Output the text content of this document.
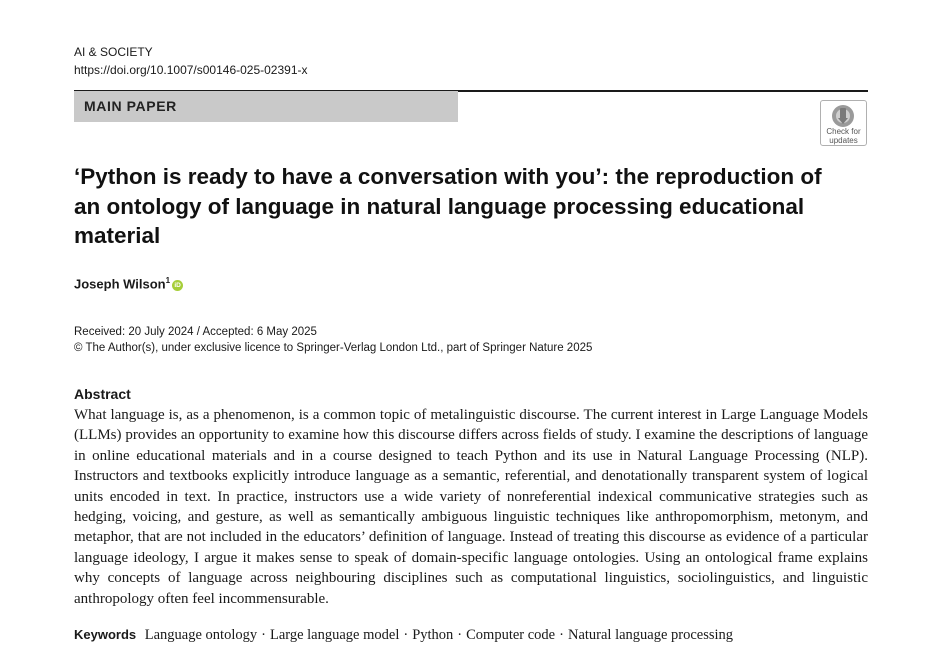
AI & SOCIETY
https://doi.org/10.1007/s00146-025-02391-x
MAIN PAPER
Check for
updates
‘Python is ready to have a conversation with you’: the reproduction of an ontology of language in natural language processing educational material
Joseph Wilson$^1$iD
Received: 20 July 2024 / Accepted: 6 May 2025
© The Author(s), under exclusive licence to Springer-Verlag London Ltd., part of Springer Nature 2025
Abstract

What language is, as a phenomenon, is a common topic of metalinguistic discourse. The current interest in Large Language Models (LLMs) provides an opportunity to examine how this discourse differs across fields of study. I examine the descriptions of language in online educational materials and in a course designed to teach Python and its use in Natural Language Processing (NLP). Instructors and textbooks explicitly introduce language as a semantic, referential, and denotationally transparent system of logical units encoded in text. In practice, instructors use a wide variety of nonreferential indexical communicative strategies such as hedging, voicing, and gesture, as well as semantically ambiguous linguistic techniques like anthropomorphism, metonym, and metaphor, that are not included in the educators’ definition of language. Instead of treating this discourse as evidence of a particular language ideology, I argue it makes sense to speak of domain-specific language ontologies. Using an ontological frame explains why concepts of language across neighbouring disciplines such as computational linguistics, sociolinguistics, and linguistic anthropology often feel incommensurable.

Keywords Language ontology · Large language model · Python · Computer code · Natural language processing
